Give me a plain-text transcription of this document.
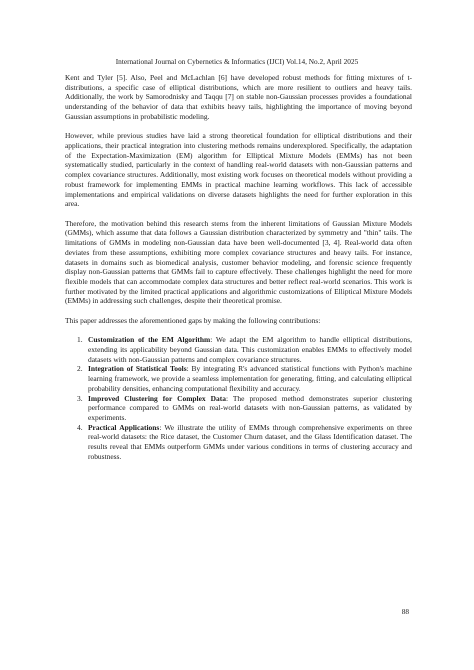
International Journal on Cybernetics & Informatics (IJCI) Vol.14, No.2, April 2025

Kent and Tyler [5]. Also, Peel and McLachlan [6] have developed robust methods for fitting mixtures of t-distributions, a specific case of elliptical distributions, which are more resilient to outliers and heavy tails. Additionally, the work by Samorodnisky and Taqqu [7] on stable non-Gaussian processes provides a foundational understanding of the behavior of data that exhibits heavy tails, highlighting the importance of moving beyond Gaussian assumptions in probabilistic modeling.

However, while previous studies have laid a strong theoretical foundation for elliptical distributions and their applications, their practical integration into clustering methods remains underexplored. Specifically, the adaptation of the Expectation-Maximization (EM) algorithm for Elliptical Mixture Models (EMMs) has not been systematically studied, particularly in the context of handling real-world datasets with non-Gaussian patterns and complex covariance structures. Additionally, most existing work focuses on theoretical models without providing a robust framework for implementing EMMs in practical machine learning workflows. This lack of accessible implementations and empirical validations on diverse datasets highlights the need for further exploration in this area.

Therefore, the motivation behind this research stems from the inherent limitations of Gaussian Mixture Models (GMMs), which assume that data follows a Gaussian distribution characterized by symmetry and "thin" tails. The limitations of GMMs in modeling non-Gaussian data have been well-documented [3, 4]. Real-world data often deviates from these assumptions, exhibiting more complex covariance structures and heavy tails. For instance, datasets in domains such as biomedical analysis, customer behavior modeling, and forensic science frequently display non-Gaussian patterns that GMMs fail to capture effectively. These challenges highlight the need for more flexible models that can accommodate complex data structures and better reflect real-world scenarios. This work is further motivated by the limited practical applications and algorithmic customizations of Elliptical Mixture Models (EMMs) in addressing such challenges, despite their theoretical promise.

This paper addresses the aforementioned gaps by making the following contributions:

1. Customization of the EM Algorithm: We adapt the EM algorithm to handle elliptical distributions, extending its applicability beyond Gaussian data. This customization enables EMMs to effectively model datasets with non-Gaussian patterns and complex covariance structures.
2. Integration of Statistical Tools: By integrating R's advanced statistical functions with Python's machine learning framework, we provide a seamless implementation for generating, fitting, and calculating elliptical probability densities, enhancing computational flexibility and accuracy.
3. Improved Clustering for Complex Data: The proposed method demonstrates superior clustering performance compared to GMMs on real-world datasets with non-Gaussian patterns, as validated by experiments.
4. Practical Applications: We illustrate the utility of EMMs through comprehensive experiments on three real-world datasets: the Rice dataset, the Customer Churn dataset, and the Glass Identification dataset. The results reveal that EMMs outperform GMMs under various conditions in terms of clustering accuracy and robustness.
88
